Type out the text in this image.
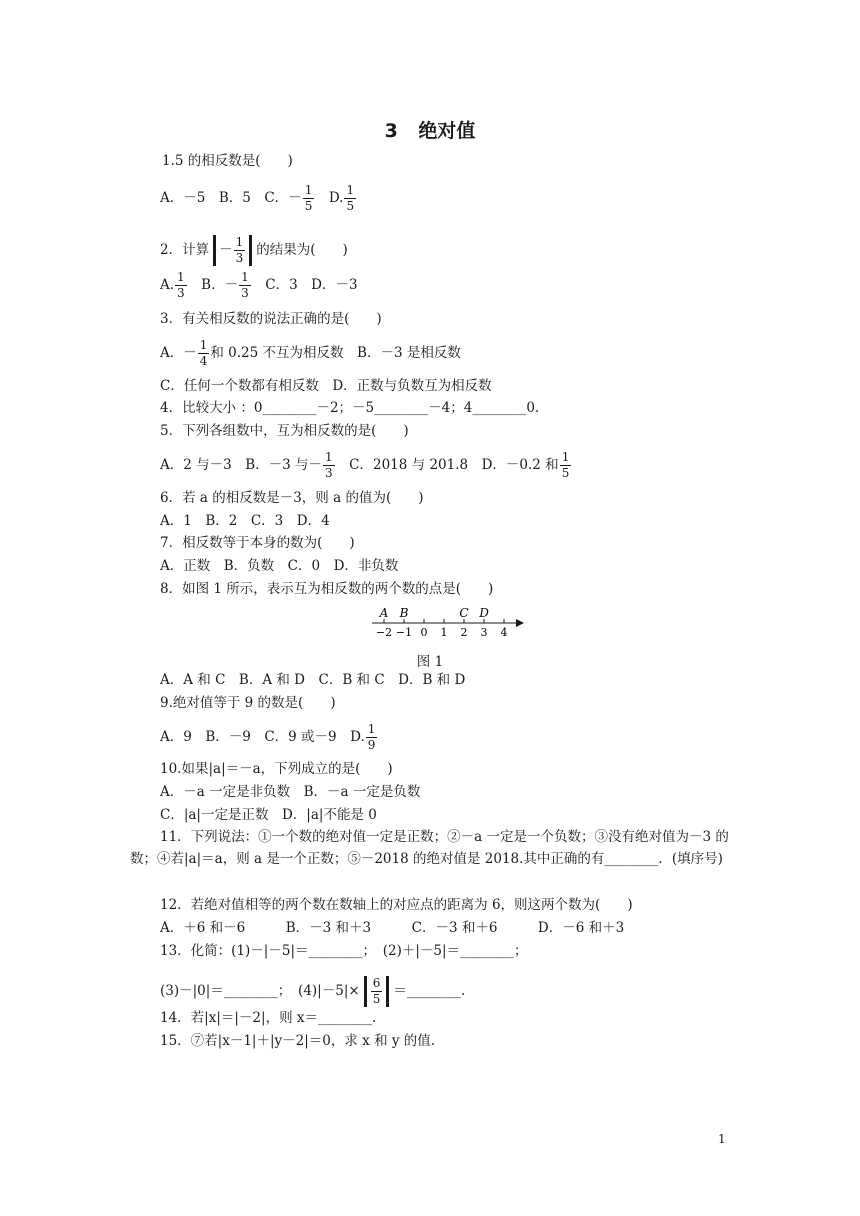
3 绝对值
1.5 的相反数是(　　)
A．－5　B．5　C．－ $\frac{1}{5}$ 　D. $\frac{1}{5}$
2．计算 － $\frac{1}{3}$ 的结果为(　　)
A. $\frac{1}{3}$ 　B．－ $\frac{1}{3}$ 　C．3　D．－3
3．有关相反数的说法正确的是(　　)
A．－ $\frac{1}{4}$ 和 0.25 不互为相反数　B．－3 是相反数
C．任何一个数都有相反数　D．正数与负数互为相反数
4．比较大小 ：0________－2；－5________－4；4________0.
5．下列各组数中，互为相反数的是(　　)
A．2 与－3　B．－3 与－ $\frac{1}{3}$ 　C．2018 与 201.8　D．－0.2 和 $\frac{1}{5}$
6．若 a 的相反数是－3，则 a 的值为(　　)
A．1　B．2　C．3　D．4
7．相反数等于本身的数为(　　)
A．正数　B．负数　C．0　D．非负数
8．如图 1 所示，表示互为相反数的两个数的点是(　　)
−2 −1 0 1 2 3 4
A B	C D
图 1
A．A 和 C　B．A 和 D　C．B 和 C　D．B 和 D
9.绝对值等于 9 的数是(　　)
A．9　B．－9　C．9 或－9　D. $\frac{1}{9}$
10.如果|a|＝－a，下列成立的是(　　)
A．－a 一定是非负数　B．－a 一定是负数
C．|a|一定是正数　D．|a|不能是 0
11．下列说法：①一个数的绝对值一定是正数；②－a 一定是一个负数；③没有绝对值为－3 的数；④若|a|＝a，则 a 是一个正数；⑤－2018 的绝对值是 2018.其中正确的有________．(填序号)
12．若绝对值相等的两个数在数轴上的对应点的距离为 6，则这两个数为(　　)
A．＋6 和－6　　　B．－3 和＋3　　　C．－3 和＋6　　　D．－6 和＋3
13．化简：(1)－|－5|＝________；　(2)＋|－5|＝________；
(3)－|0|＝________；　$(4)|-5|\times \frac{6}{5}$ ＝________.
14．若|x|＝|－2|，则 x＝________.
15．⑦若|x－1|＋|y－2|＝0，求 x 和 y 的值.
1
